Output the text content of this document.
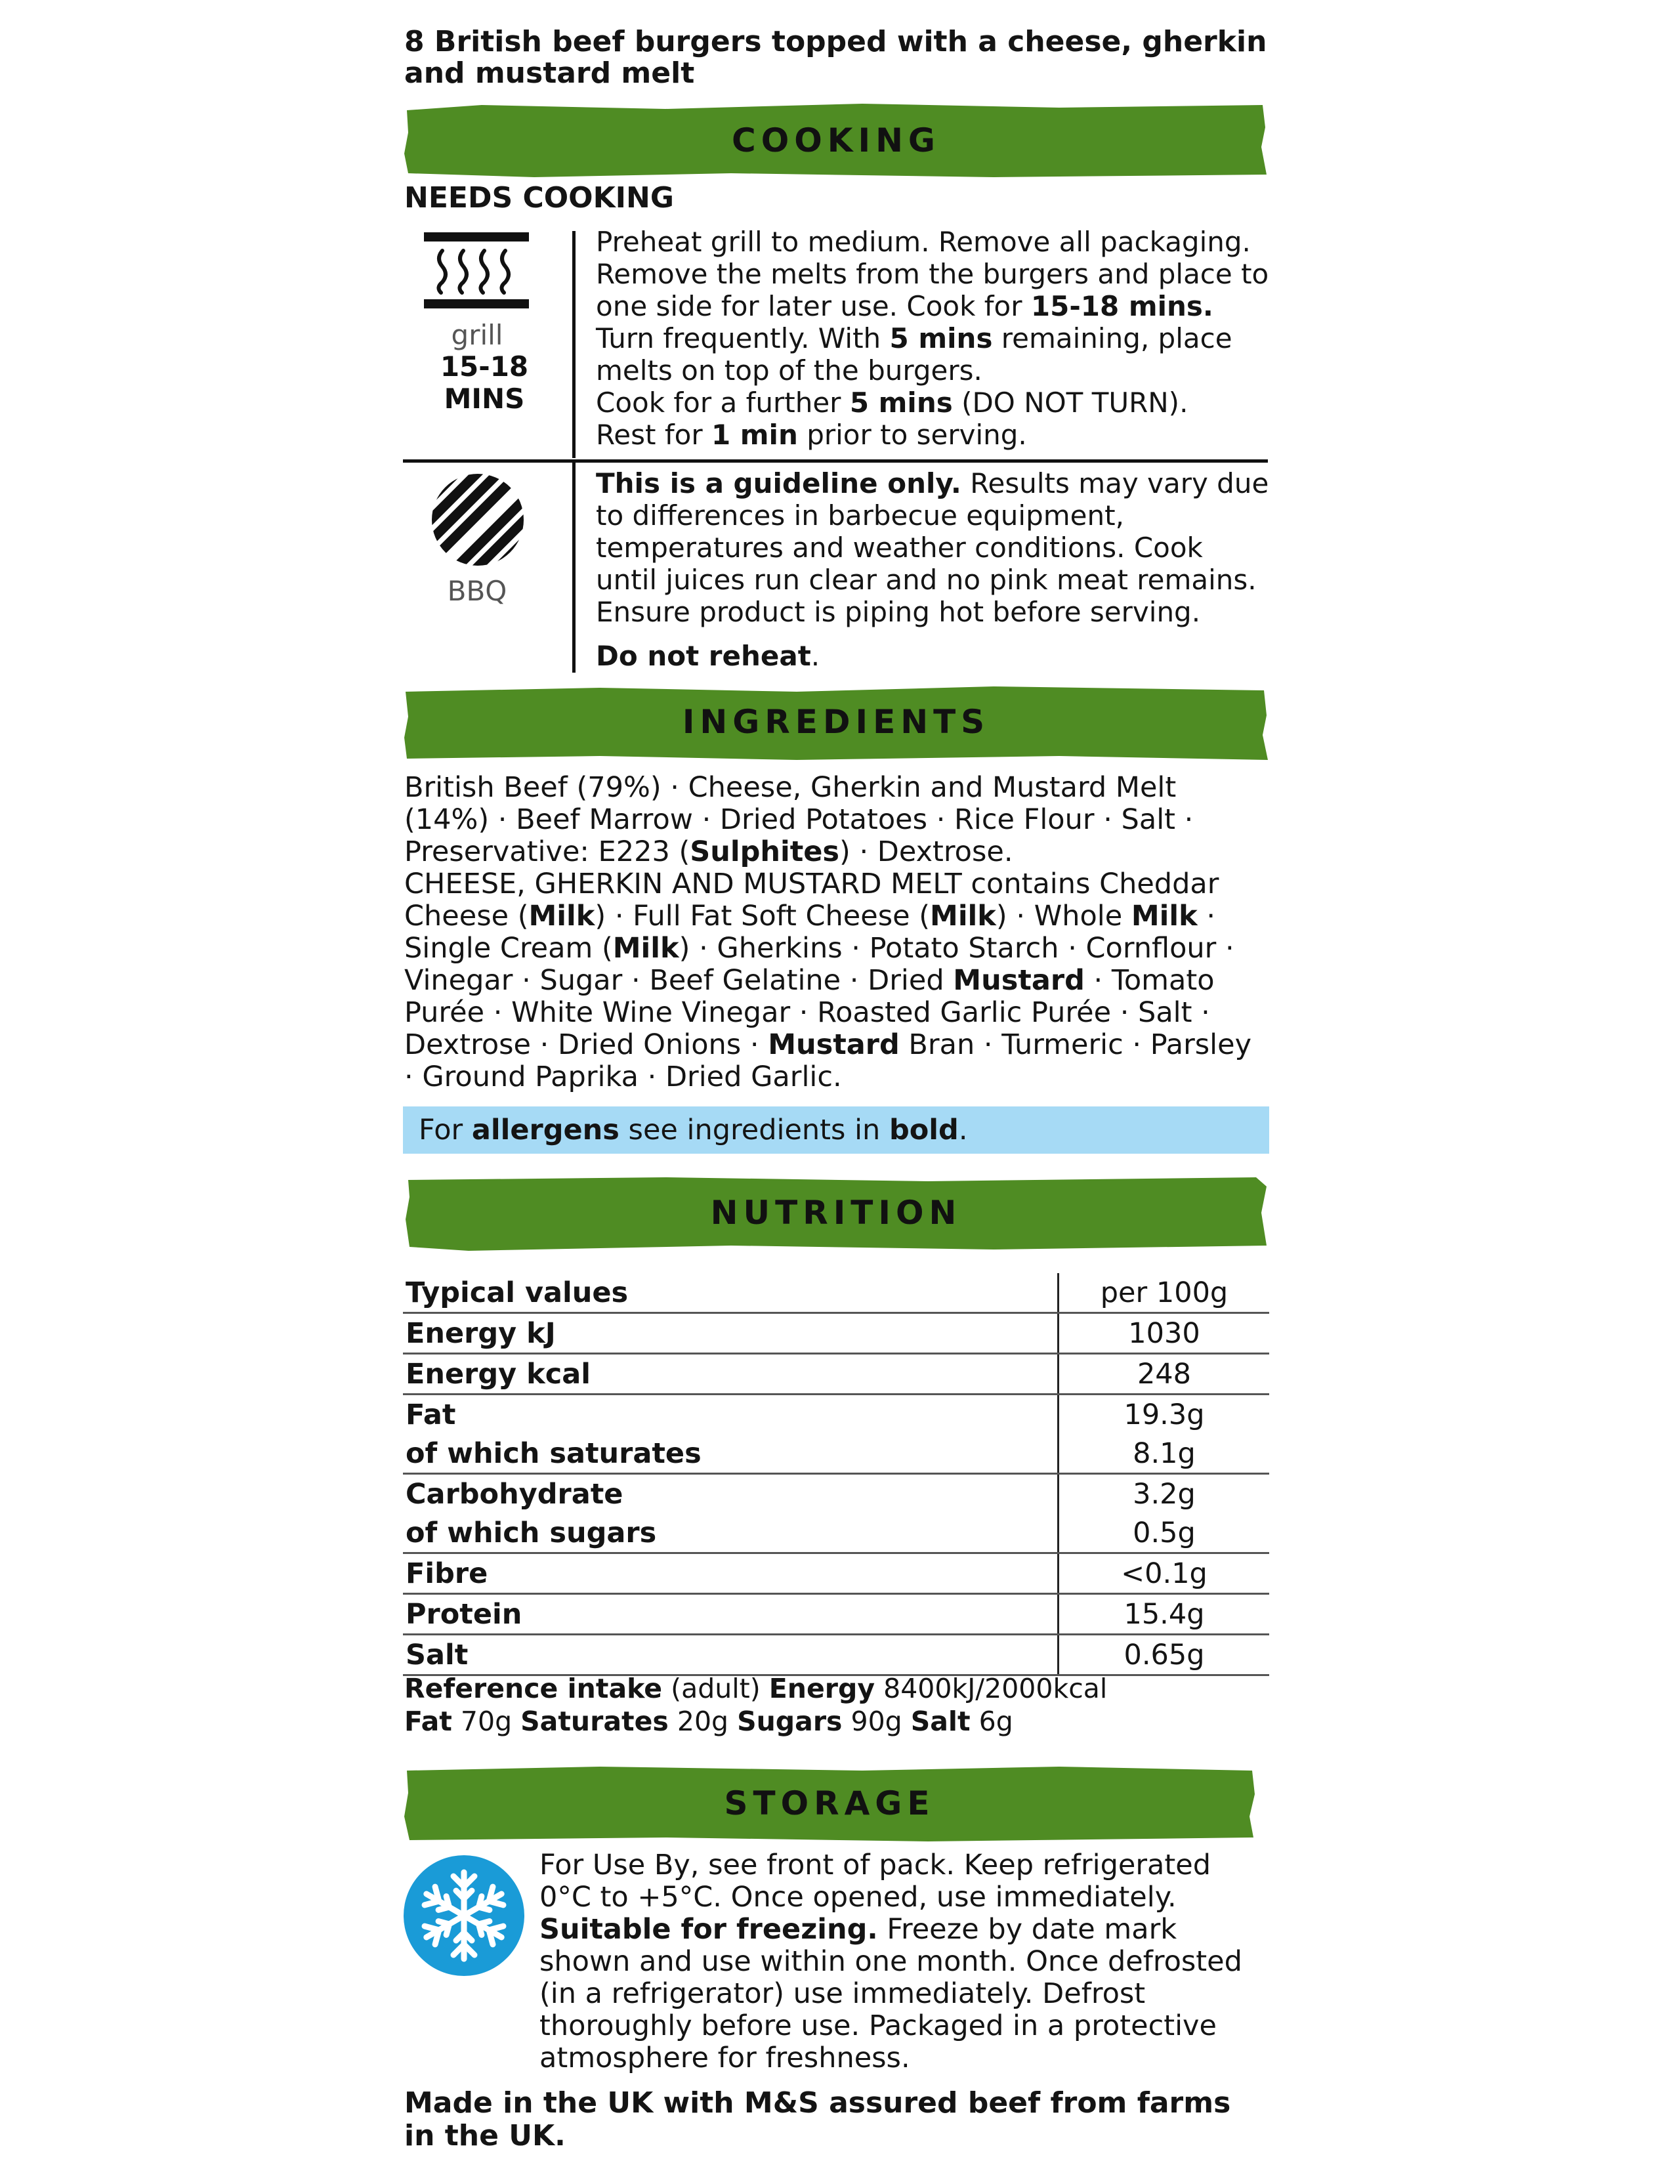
8 British beef burgers topped with a cheese, gherkin and mustard melt
COOKING
NEEDS COOKING
grill
15-18 MINS
Preheat grill to medium. Remove all packaging. Remove the melts from the burgers and place to one side for later use. Cook for 15-18 mins. Turn frequently. With 5 mins remaining, place melts on top of the burgers.
Cook for a further 5 mins (DO NOT TURN).
Rest for 1 min prior to serving.
BBQ
This is a guideline only. Results may vary due to differences in barbecue equipment, temperatures and weather conditions. Cook until juices run clear and no pink meat remains. Ensure product is piping hot before serving.
Do not reheat.
INGREDIENTS
British Beef (79%) · Cheese, Gherkin and Mustard Melt (14%) · Beef Marrow · Dried Potatoes · Rice Flour · Salt · Preservative: E223 (Sulphites) · Dextrose.
CHEESE, GHERKIN AND MUSTARD MELT contains Cheddar Cheese (Milk) · Full Fat Soft Cheese (Milk) · Whole Milk · Single Cream (Milk) · Gherkins · Potato Starch · Cornflour · Vinegar · Sugar · Beef Gelatine · Dried Mustard · Tomato Purée · White Wine Vinegar · Roasted Garlic Purée · Salt · Dextrose · Dried Onions · Mustard Bran · Turmeric · Parsley · Ground Paprika · Dried Garlic.
For allergens see ingredients in bold.
NUTRITION
Typical values	per 100g
Energy kJ	1030
Energy kcal	248
Fat	19.3g
of which saturates	8.1g
Carbohydrate	3.2g
of which sugars	0.5g
Fibre	<0.1g
Protein	15.4g
Salt	0.65g
Reference intake (adult) Energy 8400kJ/2000kcal
Fat 70g Saturates 20g Sugars 90g Salt 6g
STORAGE
For Use By, see front of pack. Keep refrigerated 0°C to +5°C. Once opened, use immediately.
Suitable for freezing. Freeze by date mark shown and use within one month. Once defrosted (in a refrigerator) use immediately. Defrost thoroughly before use. Packaged in a protective atmosphere for freshness.
Made in the UK with M&S assured beef from farms in the UK.
